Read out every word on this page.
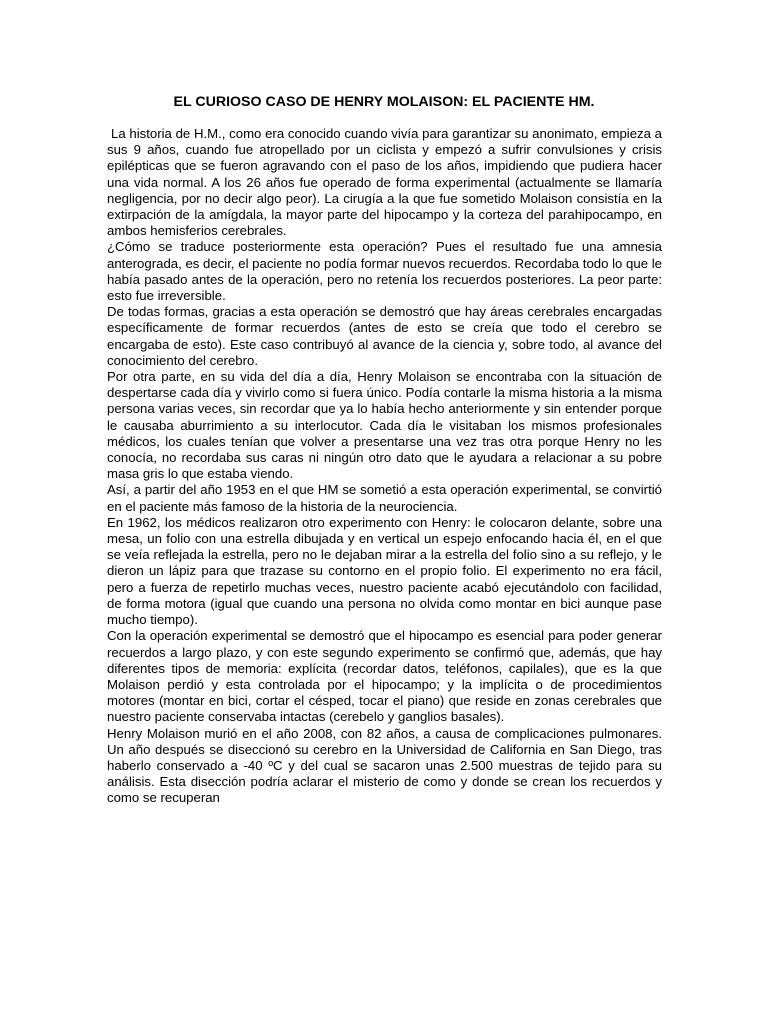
EL CURIOSO CASO DE HENRY MOLAISON: EL PACIENTE HM.

La historia de H.M., como era conocido cuando vivía para garantizar su anonimato, empieza a sus 9 años, cuando fue atropellado por un ciclista y empezó a sufrir convulsiones y crisis epilépticas que se fueron agravando con el paso de los años, impidiendo que pudiera hacer una vida normal. A los 26 años fue operado de forma experimental (actualmente se llamaría negligencia, por no decir algo peor). La cirugía a la que fue sometido Molaison consistía en la extirpación de la amígdala, la mayor parte del hipocampo y la corteza del parahipocampo, en ambos hemisferios cerebrales.

¿Cómo se traduce posteriormente esta operación? Pues el resultado fue una amnesia anterograda, es decir, el paciente no podía formar nuevos recuerdos. Recordaba todo lo que le había pasado antes de la operación, pero no retenía los recuerdos posteriores. La peor parte: esto fue irreversible.

De todas formas, gracias a esta operación se demostró que hay áreas cerebrales encargadas específicamente de formar recuerdos (antes de esto se creía que todo el cerebro se encargaba de esto). Este caso contribuyó al avance de la ciencia y, sobre todo, al avance del conocimiento del cerebro.

Por otra parte, en su vida del día a día, Henry Molaison se encontraba con la situación de despertarse cada día y vivirlo como si fuera único. Podía contarle la misma historia a la misma persona varias veces, sin recordar que ya lo había hecho anteriormente y sin entender porque le causaba aburrimiento a su interlocutor. Cada día le visitaban los mismos profesionales médicos, los cuales tenían que volver a presentarse una vez tras otra porque Henry no les conocía, no recordaba sus caras ni ningún otro dato que le ayudara a relacionar a su pobre masa gris lo que estaba viendo.

Así, a partir del año 1953 en el que HM se sometió a esta operación experimental, se convirtió en el paciente más famoso de la historia de la neurociencia.

En 1962, los médicos realizaron otro experimento con Henry: le colocaron delante, sobre una mesa, un folio con una estrella dibujada y en vertical un espejo enfocando hacia él, en el que se veía reflejada la estrella, pero no le dejaban mirar a la estrella del folio sino a su reflejo, y le dieron un lápiz para que trazase su contorno en el propio folio. El experimento no era fácil, pero a fuerza de repetirlo muchas veces, nuestro paciente acabó ejecutándolo con facilidad, de forma motora (igual que cuando una persona no olvida como montar en bici aunque pase mucho tiempo).

Con la operación experimental se demostró que el hipocampo es esencial para poder generar recuerdos a largo plazo, y con este segundo experimento se confirmó que, además, que hay diferentes tipos de memoria: explícita (recordar datos, teléfonos, capilales), que es la que Molaison perdió y esta controlada por el hipocampo; y la implícita o de procedimientos motores (montar en bici, cortar el césped, tocar el piano) que reside en zonas cerebrales que nuestro paciente conservaba intactas (cerebelo y ganglios basales).

Henry Molaison murió en el año 2008, con 82 años, a causa de complicaciones pulmonares. Un año después se diseccionó su cerebro en la Universidad de California en San Diego, tras haberlo conservado a -40 ºC y del cual se sacaron unas 2.500 muestras de tejido para su análisis. Esta disección podría aclarar el misterio de como y donde se crean los recuerdos y como se recuperan
